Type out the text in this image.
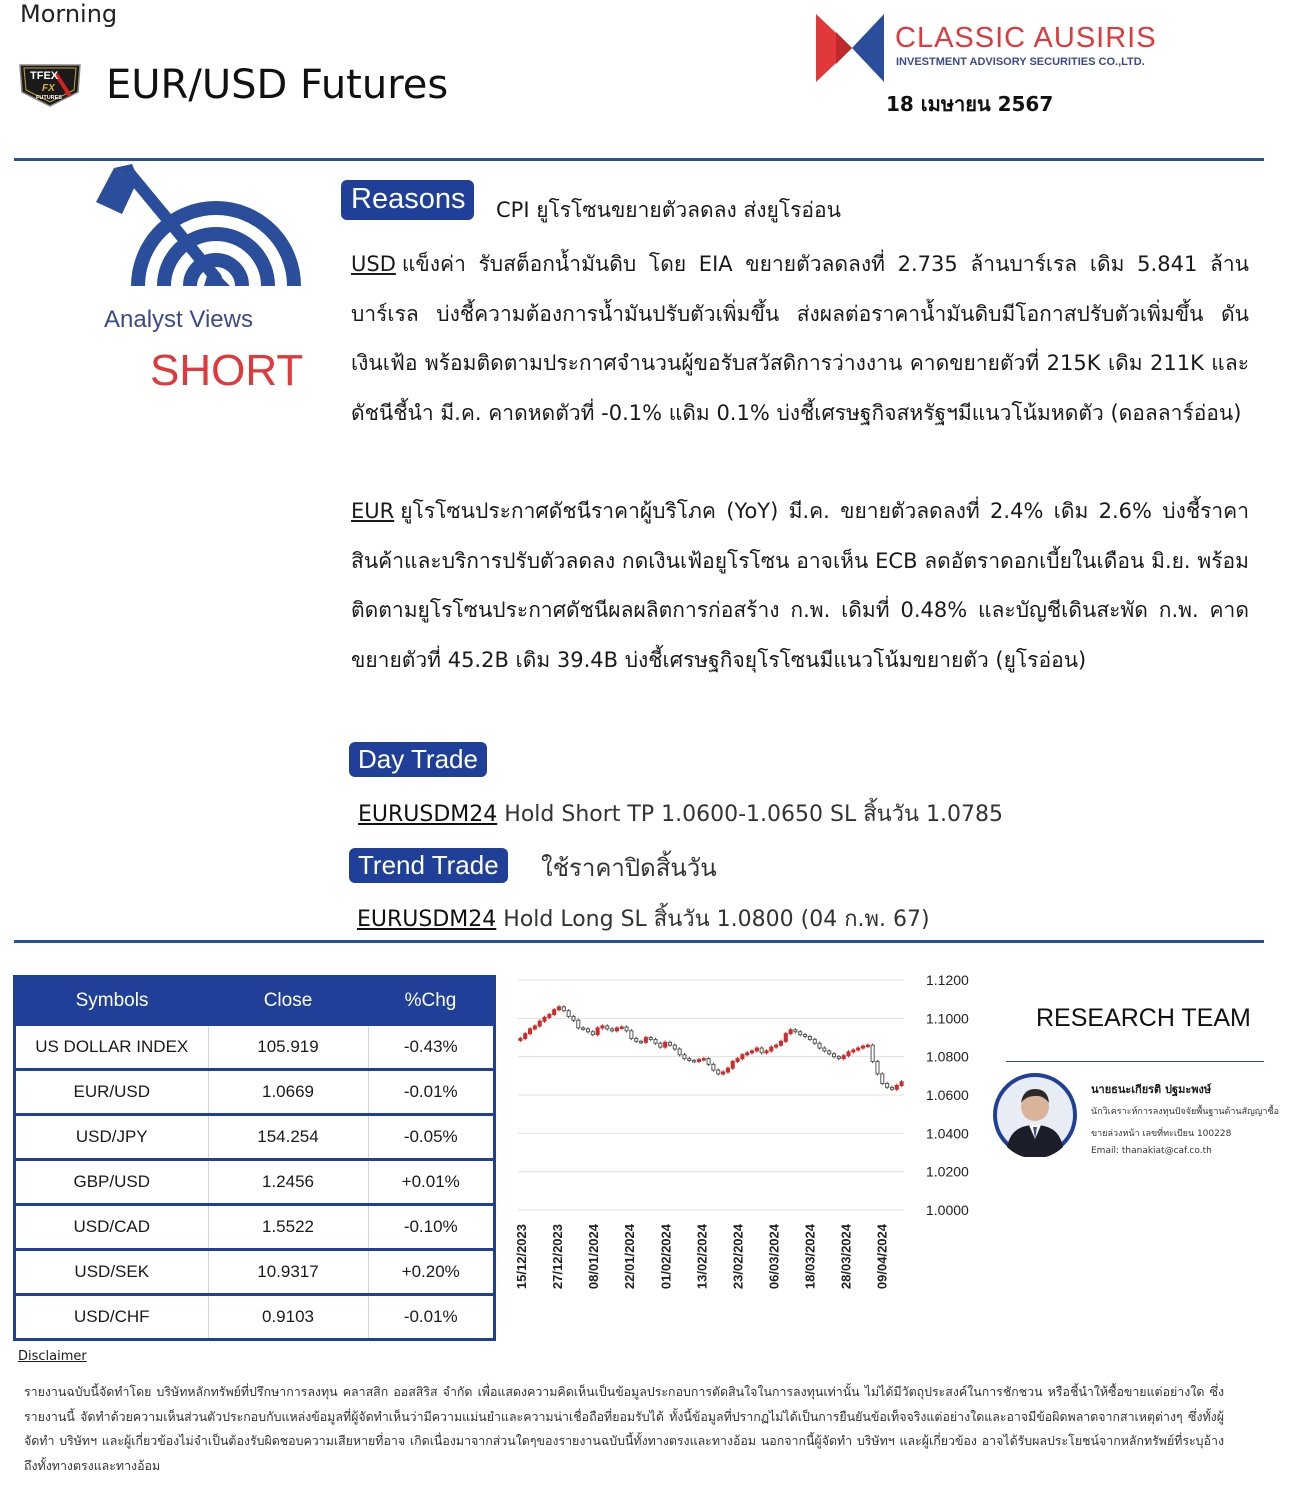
Morning
TFEX
FX
FUTURES EUR/USD Futures
CLASSIC AUSIRIS
INVESTMENT ADVISORY SECURITIES CO.,LTD.
18 เมษายน 2567
Analyst Views
SHORT
Reasons	CPI ยูโรโซนขยายตัวลดลง ส่งยูโรอ่อน
USD แข็งค่า รับสต็อกน้ำมันดิบ โดย EIA ขยายตัวลดลงที่ 2.735 ล้านบาร์เรล เดิม 5.841 ล้านบาร์เรล บ่งชี้ความต้องการน้ำมันปรับตัวเพิ่มขึ้น ส่งผลต่อราคาน้ำมันดิบมีโอกาสปรับตัวเพิ่มขึ้น ดันเงินเฟ้อ พร้อมติดตามประกาศจำนวนผู้ขอรับสวัสดิการว่างงาน คาดขยายตัวที่ 215K เดิม 211K และดัชนีชี้นำ มี.ค. คาดหดตัวที่ -0.1% แดิม 0.1% บ่งชี้เศรษฐกิจสหรัฐฯมีแนวโน้มหดตัว (ดอลลาร์อ่อน)
EUR ยูโรโซนประกาศดัชนีราคาผู้บริโภค (YoY) มี.ค. ขยายตัวลดลงที่ 2.4% เดิม 2.6% บ่งชี้ราคาสินค้าและบริการปรับตัวลดลง กดเงินเฟ้อยูโรโซน อาจเห็น ECB ลดอัตราดอกเบี้ยในเดือน มิ.ย. พร้อมติดตามยูโรโซนประกาศดัชนีผลผลิตการก่อสร้าง ก.พ. เดิมที่ 0.48% และบัญชีเดินสะพัด ก.พ. คาดขยายตัวที่ 45.2B เดิม 39.4B บ่งชี้เศรษฐกิจยุโรโซนมีแนวโน้มขยายตัว (ยูโรอ่อน)
Day Trade
EURUSDM24 Hold Short TP 1.0600-1.0650 SL สิ้นวัน 1.0785
Trend Trade	ใช้ราคาปิดสิ้นวัน
EURUSDM24 Hold Long SL สิ้นวัน 1.0800 (04 ก.พ. 67)
Symbols	Close	%Chg
US DOLLAR INDEX	105.919	-0.43%
EUR/USD	1.0669	-0.01%
USD/JPY	154.254	-0.05%
GBP/USD	1.2456	+0.01%
USD/CAD	1.5522	-0.10%
USD/SEK	10.9317	+0.20%
USD/CHF	0.9103	-0.01%
1.1200
1.1000
1.0800
1.0600
1.0400
1.0200
1.0000
15/12/2023 27/12/2023 08/01/2024 22/01/2024 01/02/2024 13/02/2024 23/02/2024 06/03/2024 18/03/2024 28/03/2024 09/04/2024
RESEARCH TEAM
นายธนะเกียรติ ปฐมะพงษ์
นักวิเคราะห์การลงทุนปัจจัยพื้นฐานด้านสัญญาซื้อ
ขายล่วงหน้า เลขที่ทะเบียน 100228
Email: thanakiat@caf.co.th
Disclaimer
รายงานฉบับนี้จัดทำโดย บริษัทหลักทรัพย์ที่ปรึกษาการลงทุน คลาสสิก ออสสิริส จำกัด เพื่อแสดงความคิดเห็นเป็นข้อมูลประกอบการตัดสินใจในการลงทุนเท่านั้น ไม่ได้มีวัตถุประสงค์ในการชักชวน หรือชี้นำให้ซื้อขายแต่อย่างใด ซึ่งรายงานนี้ จัดทำด้วยความเห็นส่วนตัวประกอบกับแหล่งข้อมูลที่ผู้จัดทำเห็นว่ามีความแม่นยำและความน่าเชื่อถือที่ยอมรับได้ ทั้งนี้ข้อมูลที่ปรากฏไม่ได้เป็นการยืนยันข้อเท็จจริงแต่อย่างใดและอาจมีข้อผิดพลาดจากสาเหตุต่างๆ ซึ่งทั้งผู้จัดทำ บริษัทฯ และผู้เกี่ยวข้องไม่จำเป็นต้องรับผิดชอบความเสียหายที่อาจ เกิดเนื่องมาจากส่วนใดๆของรายงานฉบับนี้ทั้งทางตรงและทางอ้อม นอกจากนี้ผู้จัดทำ บริษัทฯ และผู้เกี่ยวข้อง อาจได้รับผลประโยชน์จากหลักทรัพย์ที่ระบุอ้างถึงทั้งทางตรงและทางอ้อม
